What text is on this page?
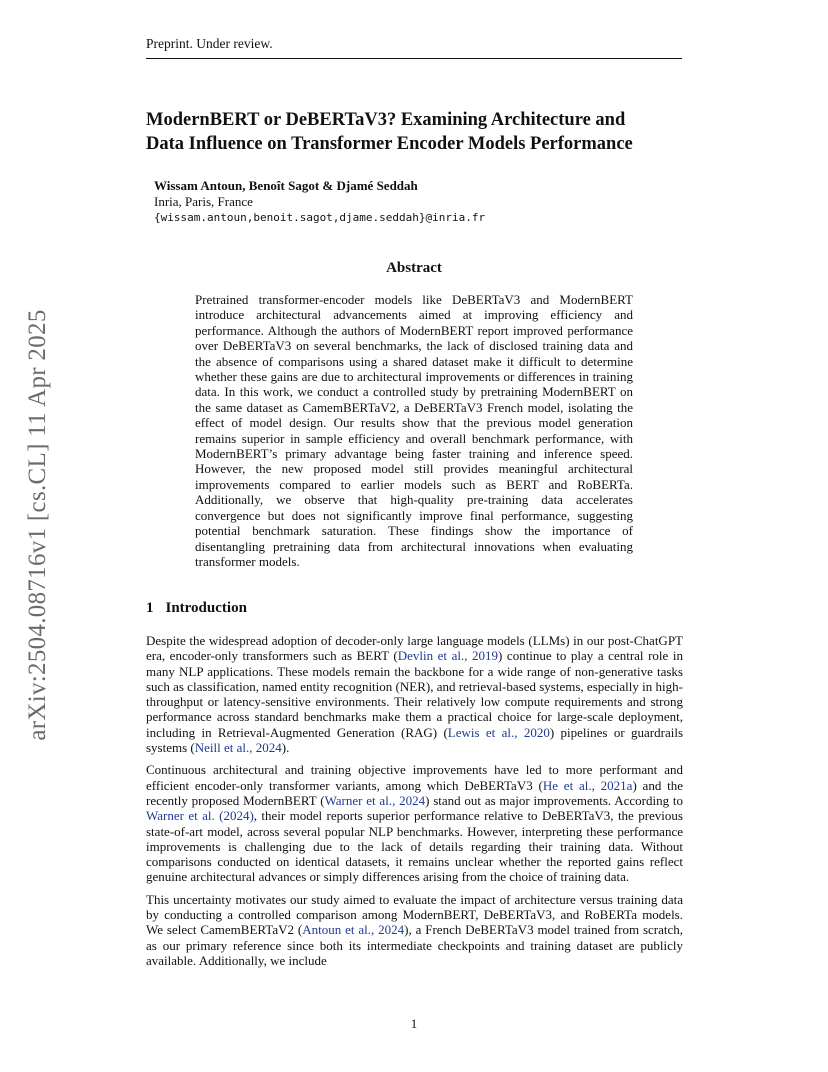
Preprint. Under review.
arXiv:2504.08716v1 [cs.CL] 11 Apr 2025
ModernBERT or DeBERTaV3? Examining Architecture and
Data Influence on Transformer Encoder Models Performance
Wissam Antoun, Benoît Sagot & Djamé Seddah
Inria, Paris, France
{wissam.antoun,benoit.sagot,djame.seddah}@inria.fr
Abstract
Pretrained transformer-encoder models like DeBERTaV3 and ModernBERT introduce architectural advancements aimed at improving efficiency and performance. Although the authors of ModernBERT report improved performance over DeBERTaV3 on several benchmarks, the lack of disclosed training data and the absence of comparisons using a shared dataset make it difficult to determine whether these gains are due to architectural improvements or differences in training data. In this work, we conduct a controlled study by pretraining ModernBERT on the same dataset as CamemBERTaV2, a DeBERTaV3 French model, isolating the effect of model design. Our results show that the previous model generation remains superior in sample efficiency and overall benchmark performance, with ModernBERT’s primary advantage being faster training and inference speed. However, the new proposed model still provides meaningful architectural improvements compared to earlier models such as BERT and RoBERTa. Additionally, we observe that high-quality pre-training data accelerates convergence but does not significantly improve final performance, suggesting potential benchmark saturation. These findings show the importance of disentangling pretraining data from architectural innovations when evaluating transformer models.
1 Introduction

Despite the widespread adoption of decoder-only large language models (LLMs) in our post-ChatGPT era, encoder-only transformers such as BERT (Devlin et al., 2019) continue to play a central role in many NLP applications. These models remain the backbone for a wide range of non-generative tasks such as classification, named entity recognition (NER), and retrieval-based systems, especially in high-throughput or latency-sensitive environments. Their relatively low compute requirements and strong performance across standard benchmarks make them a practical choice for large-scale deployment, including in Retrieval-Augmented Generation (RAG) (Lewis et al., 2020) pipelines or guardrails systems (Neill et al., 2024).

Continuous architectural and training objective improvements have led to more performant and efficient encoder-only transformer variants, among which DeBERTaV3 (He et al., 2021a) and the recently proposed ModernBERT (Warner et al., 2024) stand out as major improvements. According to Warner et al. (2024), their model reports superior performance relative to DeBERTaV3, the previous state-of-art model, across several popular NLP benchmarks. However, interpreting these performance improvements is challenging due to the lack of details regarding their training data. Without comparisons conducted on identical datasets, it remains unclear whether the reported gains reflect genuine architectural advances or simply differences arising from the choice of training data.

This uncertainty motivates our study aimed to evaluate the impact of architecture versus training data by conducting a controlled comparison among ModernBERT, DeBERTaV3, and RoBERTa models. We select CamemBERTaV2 (Antoun et al., 2024), a French DeBERTaV3 model trained from scratch, as our primary reference since both its intermediate checkpoints and training dataset are publicly available. Additionally, we include

1
